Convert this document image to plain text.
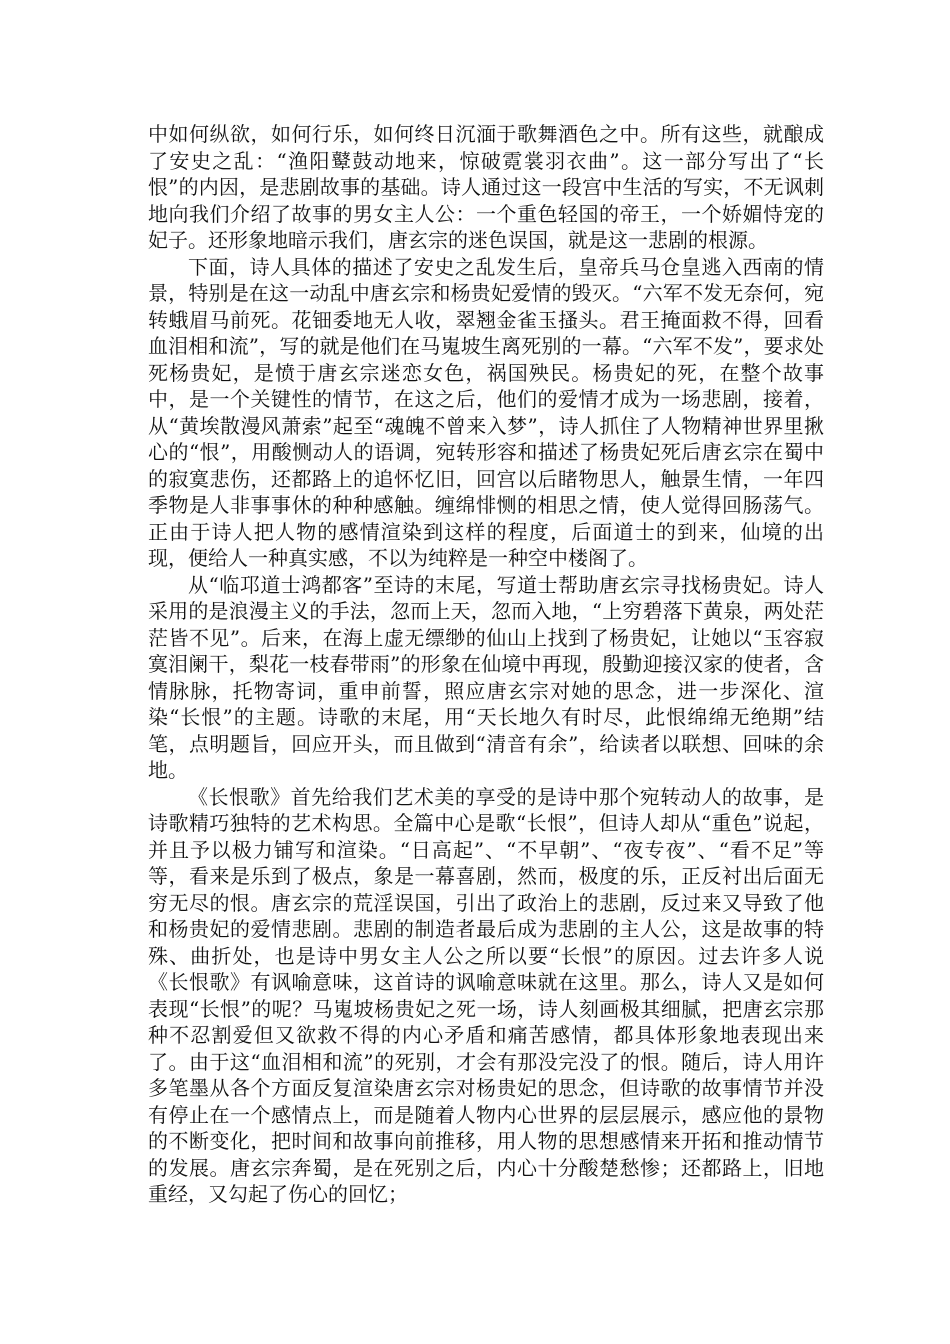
中如何纵欲，如何行乐，如何终日沉湎于歌舞酒色之中。所有这些，就酿成了安史之乱：“渔阳鼙鼓动地来，惊破霓裳羽衣曲”。这一部分写出了“长恨”的内因，是悲剧故事的基础。诗人通过这一段宫中生活的写实，不无讽刺地向我们介绍了故事的男女主人公：一个重色轻国的帝王，一个娇媚恃宠的妃子。还形象地暗示我们，唐玄宗的迷色误国，就是这一悲剧的根源。

下面，诗人具体的描述了安史之乱发生后，皇帝兵马仓皇逃入西南的情景，特别是在这一动乱中唐玄宗和杨贵妃爱情的毁灭。“六军不发无奈何，宛转蛾眉马前死。花钿委地无人收，翠翘金雀玉搔头。君王掩面救不得，回看血泪相和流”，写的就是他们在马嵬坡生离死别的一幕。“六军不发”，要求处死杨贵妃，是愤于唐玄宗迷恋女色，祸国殃民。杨贵妃的死，在整个故事中，是一个关键性的情节，在这之后，他们的爱情才成为一场悲剧，接着，从“黄埃散漫风萧索”起至“魂魄不曾来入梦”，诗人抓住了人物精神世界里揪心的“恨”，用酸恻动人的语调，宛转形容和描述了杨贵妃死后唐玄宗在蜀中的寂寞悲伤，还都路上的追怀忆旧，回宫以后睹物思人，触景生情，一年四季物是人非事事休的种种感触。缠绵悱恻的相思之情，使人觉得回肠荡气。正由于诗人把人物的感情渲染到这样的程度，后面道士的到来，仙境的出现，便给人一种真实感，不以为纯粹是一种空中楼阁了。

从“临邛道士鸿都客”至诗的末尾，写道士帮助唐玄宗寻找杨贵妃。诗人采用的是浪漫主义的手法，忽而上天，忽而入地，“上穷碧落下黄泉，两处茫茫皆不见”。后来，在海上虚无缥缈的仙山上找到了杨贵妃，让她以“玉容寂寞泪阑干，梨花一枝春带雨”的形象在仙境中再现，殷勤迎接汉家的使者，含情脉脉，托物寄词，重申前誓，照应唐玄宗对她的思念，进一步深化、渲染“长恨”的主题。诗歌的末尾，用“天长地久有时尽，此恨绵绵无绝期”结笔，点明题旨，回应开头，而且做到“清音有余”，给读者以联想、回味的余地。

《长恨歌》首先给我们艺术美的享受的是诗中那个宛转动人的故事，是诗歌精巧独特的艺术构思。全篇中心是歌“长恨”，但诗人却从“重色”说起，并且予以极力铺写和渲染。“日高起”、“不早朝”、“夜专夜”、“看不足”等等，看来是乐到了极点，象是一幕喜剧，然而，极度的乐，正反衬出后面无穷无尽的恨。唐玄宗的荒淫误国，引出了政治上的悲剧，反过来又导致了他和杨贵妃的爱情悲剧。悲剧的制造者最后成为悲剧的主人公，这是故事的特殊、曲折处，也是诗中男女主人公之所以要“长恨”的原因。过去许多人说《长恨歌》有讽喻意味，这首诗的讽喻意味就在这里。那么，诗人又是如何表现“长恨”的呢？马嵬坡杨贵妃之死一场，诗人刻画极其细腻，把唐玄宗那种不忍割爱但又欲救不得的内心矛盾和痛苦感情，都具体形象地表现出来了。由于这“血泪相和流”的死别，才会有那没完没了的恨。随后，诗人用许多笔墨从各个方面反复渲染唐玄宗对杨贵妃的思念，但诗歌的故事情节并没有停止在一个感情点上，而是随着人物内心世界的层层展示，感应他的景物的不断变化，把时间和故事向前推移，用人物的思想感情来开拓和推动情节的发展。唐玄宗奔蜀，是在死别之后，内心十分酸楚愁惨；还都路上，旧地重经，又勾起了伤心的回忆；
